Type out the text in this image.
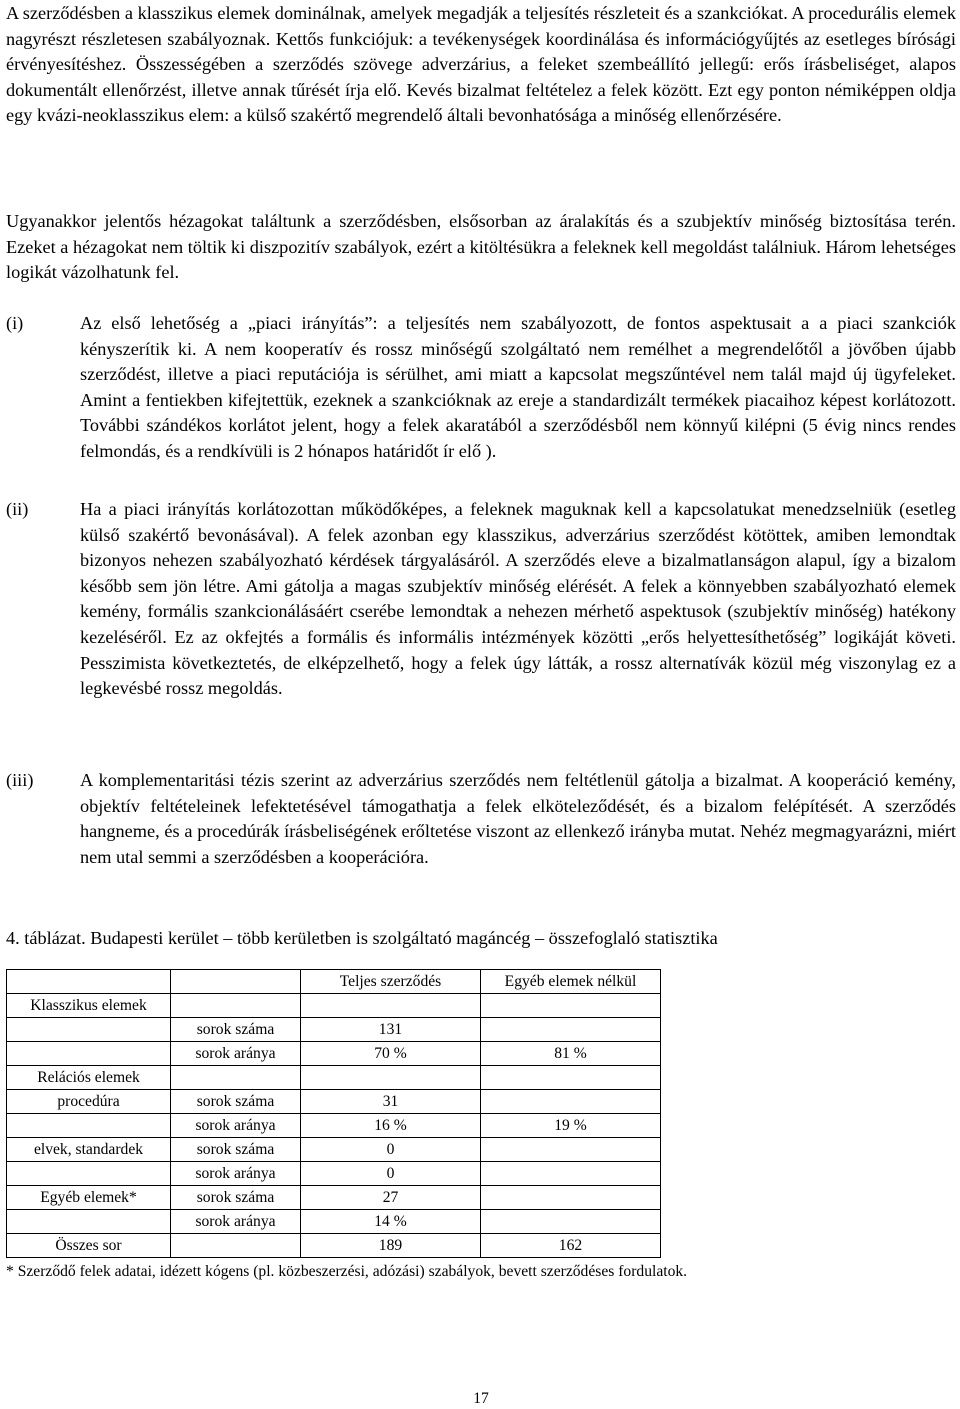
A szerződésben a klasszikus elemek dominálnak, amelyek megadják a teljesítés részleteit és a szankciókat. A procedurális elemek nagyrészt részletesen szabályoznak. Kettős funkciójuk: a tevékenységek koordinálása és információgyűjtés az esetleges bírósági érvényesítéshez. Összességében a szerződés szövege adverzárius, a feleket szembeállító jellegű: erős írásbeliséget, alapos dokumentált ellenőrzést, illetve annak tűrését írja elő. Kevés bizalmat feltételez a felek között. Ezt egy ponton némiképpen oldja egy kvázi-neoklasszikus elem: a külső szakértő megrendelő általi bevonhatósága a minőség ellenőrzésére.

Ugyanakkor jelentős hézagokat találtunk a szerződésben, elsősorban az áralakítás és a szubjektív minőség biztosítása terén. Ezeket a hézagokat nem töltik ki diszpozitív szabályok, ezért a kitöltésükra a feleknek kell megoldást találniuk. Három lehetséges logikát vázolhatunk fel.

(i)	Az első lehetőség a „piaci irányítás”: a teljesítés nem szabályozott, de fontos aspektusait a a piaci szankciók kényszerítik ki. A nem kooperatív és rossz minőségű szolgáltató nem remélhet a megrendelőtől a jövőben újabb szerződést, illetve a piaci reputációja is sérülhet, ami miatt a kapcsolat megszűntével nem talál majd új ügyfeleket. Amint a fentiekben kifejtettük, ezeknek a szankcióknak az ereje a standardizált termékek piacaihoz képest korlátozott. További szándékos korlátot jelent, hogy a felek akaratából a szerződésből nem könnyű kilépni (5 évig nincs rendes felmondás, és a rendkívüli is 2 hónapos határidőt ír elő ).

(ii)	Ha a piaci irányítás korlátozottan működőképes, a feleknek maguknak kell a kapcsolatukat menedzselniük (esetleg külső szakértő bevonásával). A felek azonban egy klasszikus, adverzárius szerződést kötöttek, amiben lemondtak bizonyos nehezen szabályozható kérdések tárgyalásáról. A szerződés eleve a bizalmatlanságon alapul, így a bizalom később sem jön létre. Ami gátolja a magas szubjektív minőség elérését. A felek a könnyebben szabályozható elemek kemény, formális szankcionálásáért cserébe lemondtak a nehezen mérhető aspektusok (szubjektív minőség) hatékony kezeléséről. Ez az okfejtés a formális és informális intézmények közötti „erős helyettesíthetőség” logikáját követi. Pesszimista következtetés, de elképzelhető, hogy a felek úgy látták, a rossz alternatívák közül még viszonylag ez a legkevésbé rossz megoldás.

(iii)	A komplementaritási tézis szerint az adverzárius szerződés nem feltétlenül gátolja a bizalmat. A kooperáció kemény, objektív feltételeinek lefektetésével támogathatja a felek elköteleződését, és a bizalom felépítését. A szerződés hangneme, és a procedúrák írásbeliségének erőltetése viszont az ellenkező irányba mutat. Nehéz megmagyarázni, miért nem utal semmi a szerződésben a kooperációra.

4. táblázat. Budapesti kerület – több kerületben is szolgáltató magáncég – összefoglaló statisztika
		Teljes szerződés	Egyéb elemek nélkül
Klasszikus elemek			
	sorok száma	131	
	sorok aránya	70 %	81 %
Relációs elemek			
procedúra	sorok száma	31	
	sorok aránya	16 %	19 %
elvek, standardek	sorok száma	0	
	sorok aránya	0	
Egyéb elemek*	sorok száma	27	
	sorok aránya	14 %	
Összes sor		189	162
* Szerződő felek adatai, idézett kógens (pl. közbeszerzési, adózási) szabályok, bevett szerződéses fordulatok.
17
